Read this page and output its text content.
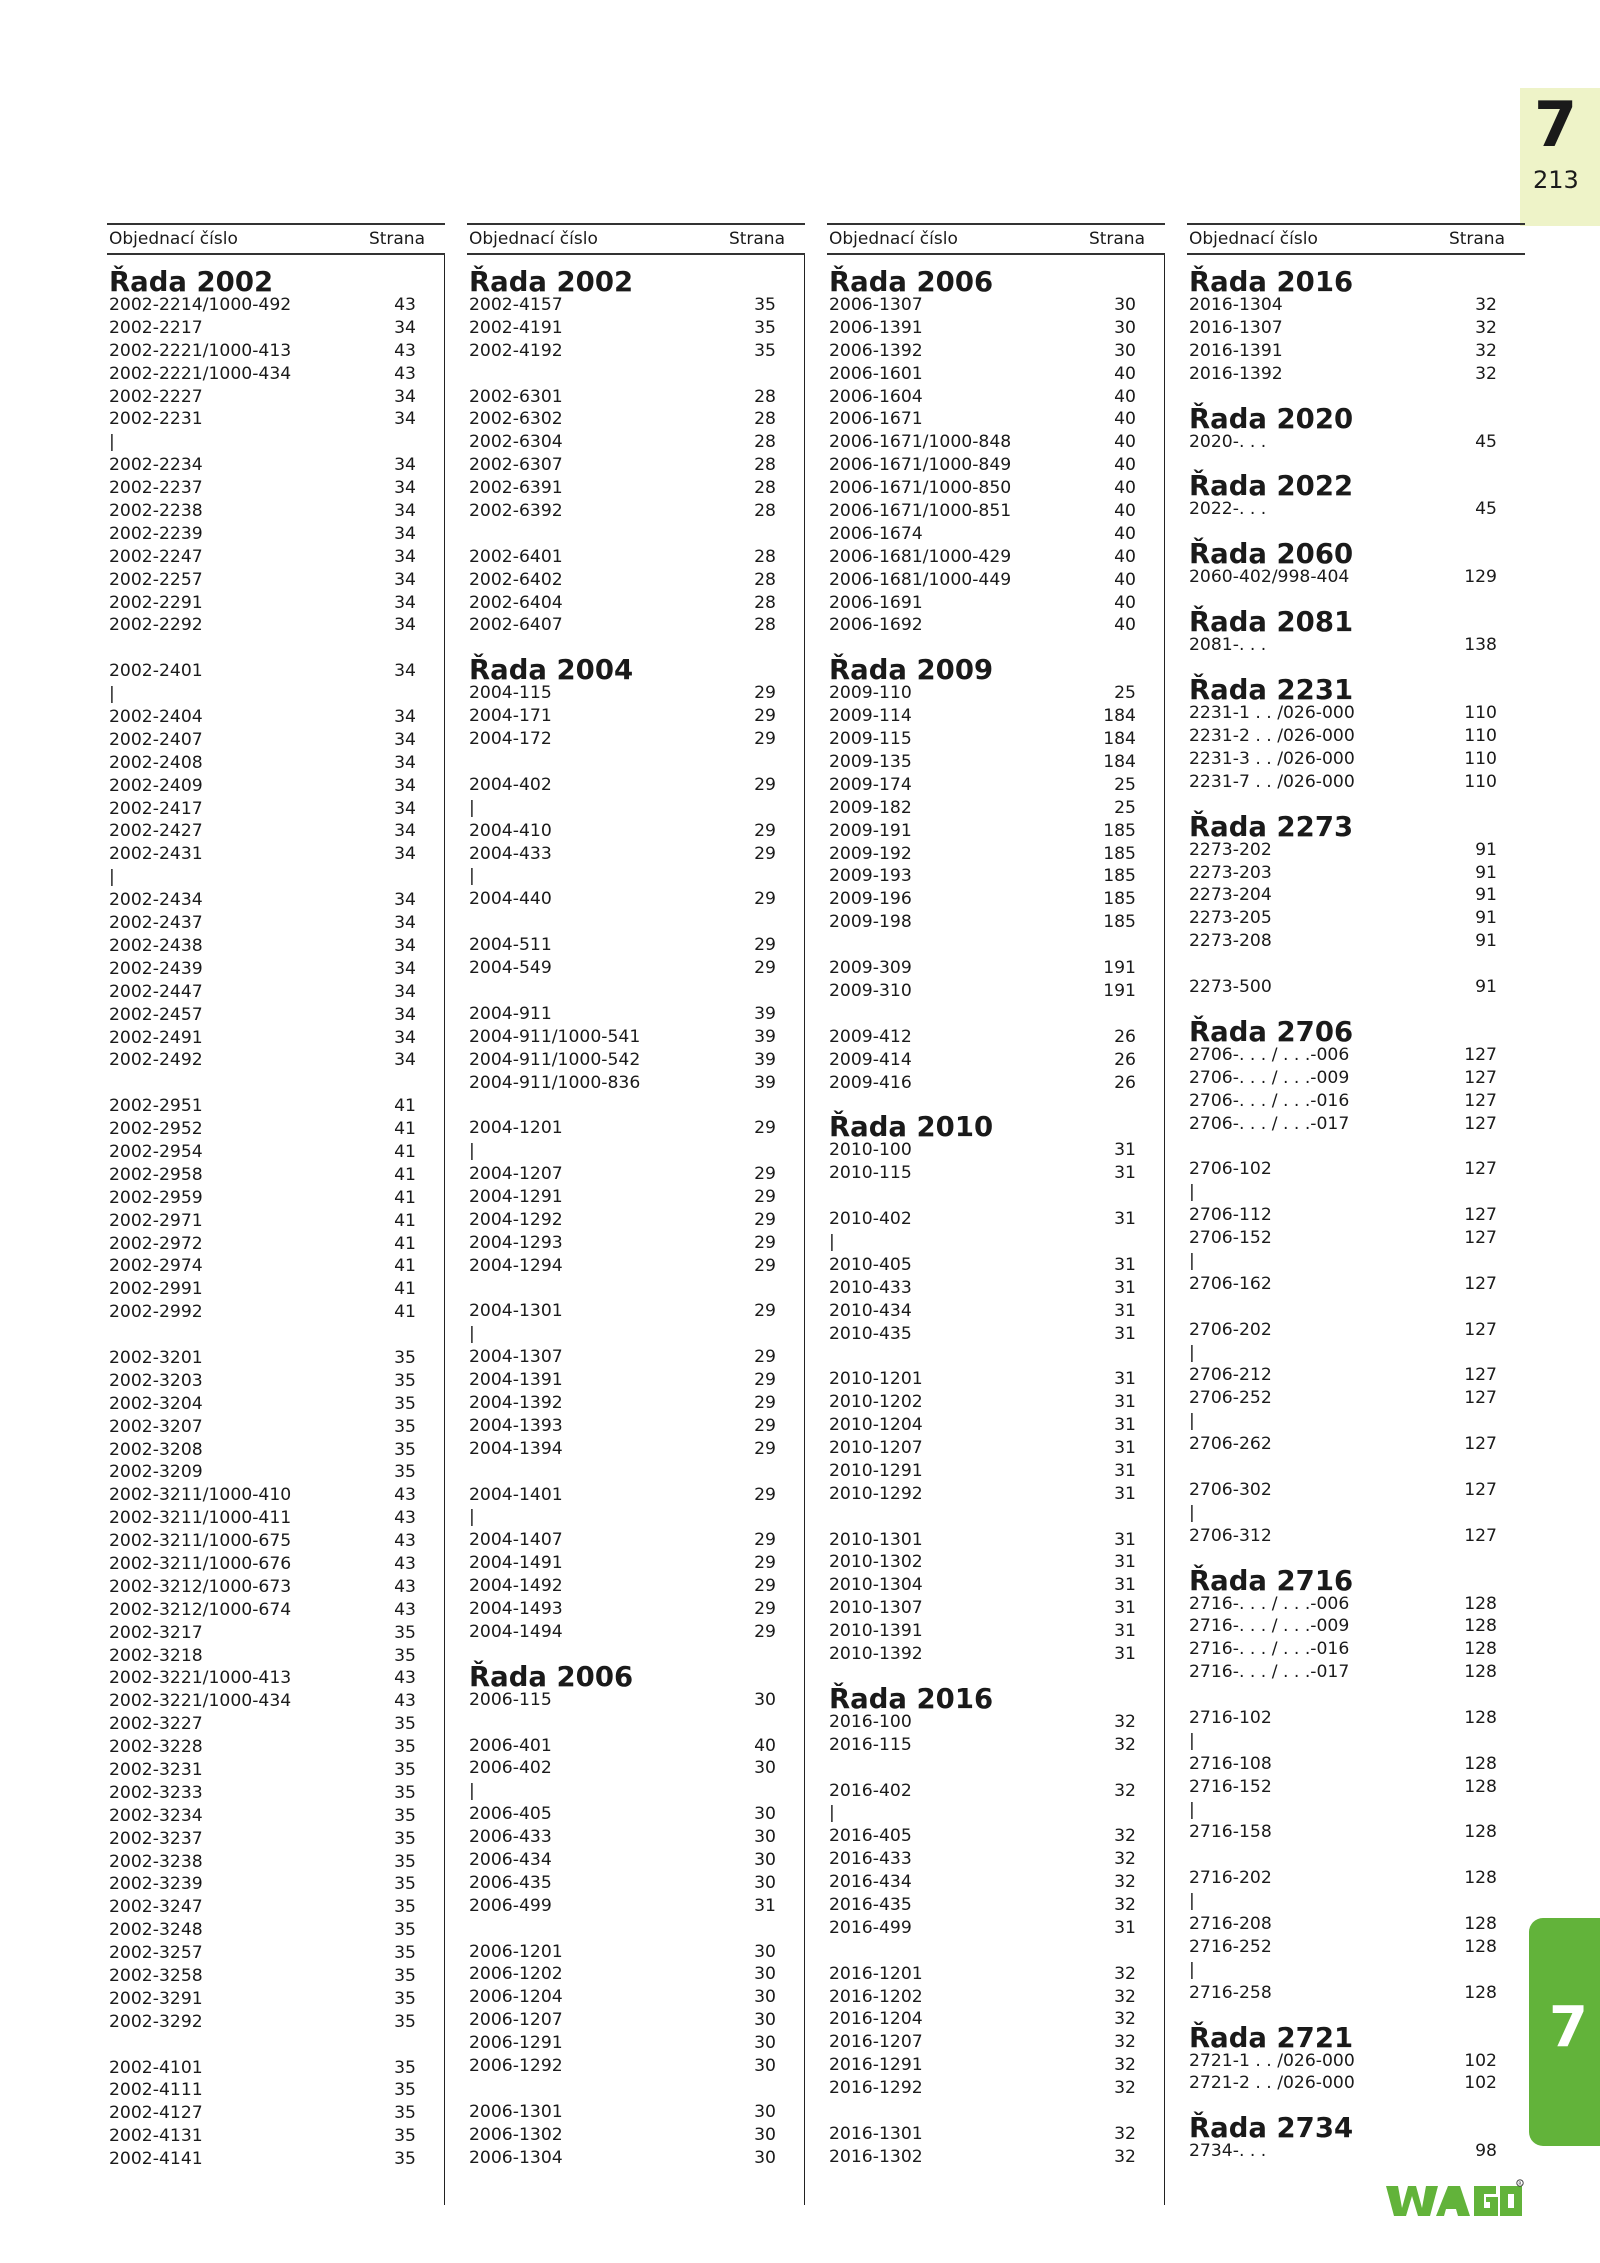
7
213
7
Objednací číslo	Strana
Řada 2002
2002-2214/1000-492	43
2002-2217	34
2002-2221/1000-413	43
2002-2221/1000-434	43
2002-2227	34
2002-2231	34
|
2002-2234	34
2002-2237	34
2002-2238	34
2002-2239	34
2002-2247	34
2002-2257	34
2002-2291	34
2002-2292	34
2002-2401	34
|
2002-2404	34
2002-2407	34
2002-2408	34
2002-2409	34
2002-2417	34
2002-2427	34
2002-2431	34
|
2002-2434	34
2002-2437	34
2002-2438	34
2002-2439	34
2002-2447	34
2002-2457	34
2002-2491	34
2002-2492	34
2002-2951	41
2002-2952	41
2002-2954	41
2002-2958	41
2002-2959	41
2002-2971	41
2002-2972	41
2002-2974	41
2002-2991	41
2002-2992	41
2002-3201	35
2002-3203	35
2002-3204	35
2002-3207	35
2002-3208	35
2002-3209	35
2002-3211/1000-410	43
2002-3211/1000-411	43
2002-3211/1000-675	43
2002-3211/1000-676	43
2002-3212/1000-673	43
2002-3212/1000-674	43
2002-3217	35
2002-3218	35
2002-3221/1000-413	43
2002-3221/1000-434	43
2002-3227	35
2002-3228	35
2002-3231	35
2002-3233	35
2002-3234	35
2002-3237	35
2002-3238	35
2002-3239	35
2002-3247	35
2002-3248	35
2002-3257	35
2002-3258	35
2002-3291	35
2002-3292	35
2002-4101	35
2002-4111	35
2002-4127	35
2002-4131	35
2002-4141	35
Objednací číslo	Strana
Řada 2002
2002-4157	35
2002-4191	35
2002-4192	35
2002-6301	28
2002-6302	28
2002-6304	28
2002-6307	28
2002-6391	28
2002-6392	28
2002-6401	28
2002-6402	28
2002-6404	28
2002-6407	28
Řada 2004
2004-115	29
2004-171	29
2004-172	29
2004-402	29
|
2004-410	29
2004-433	29
|
2004-440	29
2004-511	29
2004-549	29
2004-911	39
2004-911/1000-541	39
2004-911/1000-542	39
2004-911/1000-836	39
2004-1201	29
|
2004-1207	29
2004-1291	29
2004-1292	29
2004-1293	29
2004-1294	29
2004-1301	29
|
2004-1307	29
2004-1391	29
2004-1392	29
2004-1393	29
2004-1394	29
2004-1401	29
|
2004-1407	29
2004-1491	29
2004-1492	29
2004-1493	29
2004-1494	29
Řada 2006
2006-115	30
2006-401	40
2006-402	30
|
2006-405	30
2006-433	30
2006-434	30
2006-435	30
2006-499	31
2006-1201	30
2006-1202	30
2006-1204	30
2006-1207	30
2006-1291	30
2006-1292	30
2006-1301	30
2006-1302	30
2006-1304	30
Objednací číslo	Strana
Řada 2006
2006-1307	30
2006-1391	30
2006-1392	30
2006-1601	40
2006-1604	40
2006-1671	40
2006-1671/1000-848	40
2006-1671/1000-849	40
2006-1671/1000-850	40
2006-1671/1000-851	40
2006-1674	40
2006-1681/1000-429	40
2006-1681/1000-449	40
2006-1691	40
2006-1692	40
Řada 2009
2009-110	25
2009-114	184
2009-115	184
2009-135	184
2009-174	25
2009-182	25
2009-191	185
2009-192	185
2009-193	185
2009-196	185
2009-198	185
2009-309	191
2009-310	191
2009-412	26
2009-414	26
2009-416	26
Řada 2010
2010-100	31
2010-115	31
2010-402	31
|
2010-405	31
2010-433	31
2010-434	31
2010-435	31
2010-1201	31
2010-1202	31
2010-1204	31
2010-1207	31
2010-1291	31
2010-1292	31
2010-1301	31
2010-1302	31
2010-1304	31
2010-1307	31
2010-1391	31
2010-1392	31
Řada 2016
2016-100	32
2016-115	32
2016-402	32
|
2016-405	32
2016-433	32
2016-434	32
2016-435	32
2016-499	31
2016-1201	32
2016-1202	32
2016-1204	32
2016-1207	32
2016-1291	32
2016-1292	32
2016-1301	32
2016-1302	32
Objednací číslo	Strana
Řada 2016
2016-1304	32
2016-1307	32
2016-1391	32
2016-1392	32
Řada 2020
2020-. . .	45
Řada 2022
2022-. . .	45
Řada 2060
2060-402/998-404	129
Řada 2081
2081-. . .	138
Řada 2231
2231-1 . . /026-000	110
2231-2 . . /026-000	110
2231-3 . . /026-000	110
2231-7 . . /026-000	110
Řada 2273
2273-202	91
2273-203	91
2273-204	91
2273-205	91
2273-208	91
2273-500	91
Řada 2706
2706-. . . / . . .-006	127
2706-. . . / . . .-009	127
2706-. . . / . . .-016	127
2706-. . . / . . .-017	127
2706-102	127
|
2706-112	127
2706-152	127
|
2706-162	127
2706-202	127
|
2706-212	127
2706-252	127
|
2706-262	127
2706-302	127
|
2706-312	127
Řada 2716
2716-. . . / . . .-006	128
2716-. . . / . . .-009	128
2716-. . . / . . .-016	128
2716-. . . / . . .-017	128
2716-102	128
|
2716-108	128
2716-152	128
|
2716-158	128
2716-202	128
|
2716-208	128
2716-252	128
|
2716-258	128
Řada 2721
2721-1 . . /026-000	102
2721-2 . . /026-000	102
Řada 2734
2734-. . .	98
R
